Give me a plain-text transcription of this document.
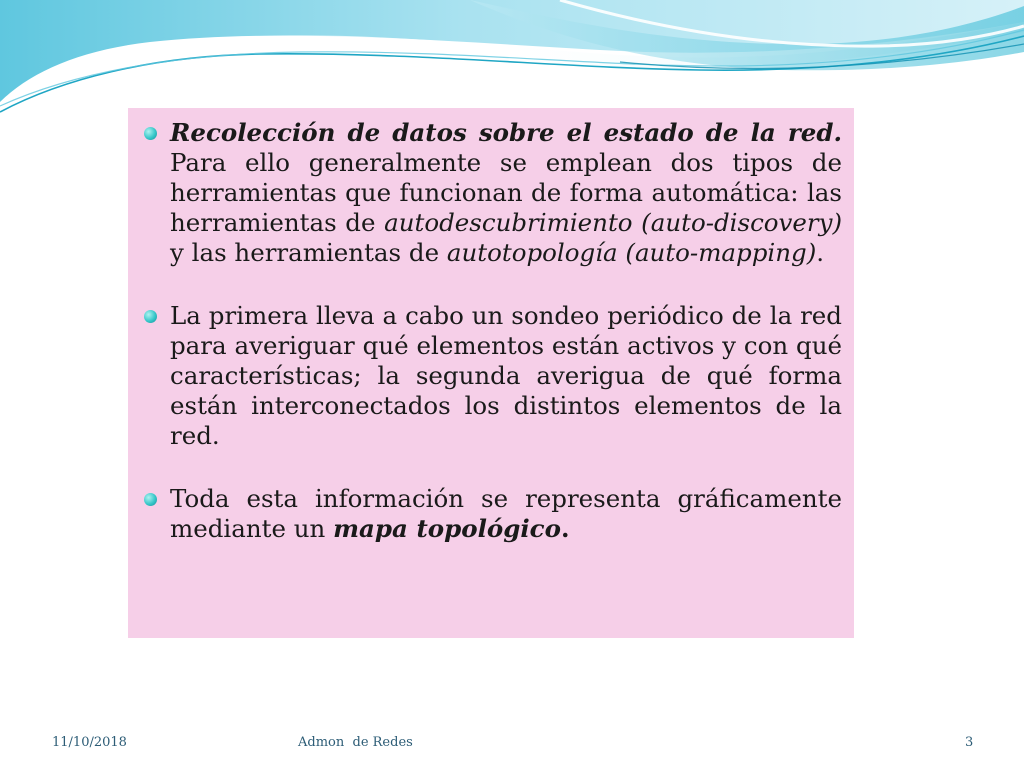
Recolección de datos sobre el estado de la red. Para ello generalmente se emplean dos tipos de herramientas que funcionan de forma automática: las herramientas de autodescubrimiento (auto-discovery) y las herramientas de autotopología (auto-mapping).
La primera lleva a cabo un sondeo periódico de la red para averiguar qué elementos están activos y con qué características; la segunda averigua de qué forma están interconectados los distintos elementos de la red.
Toda esta información se representa gráficamente mediante un mapa topológico.
11/10/2018	Admon  de Redes	3
